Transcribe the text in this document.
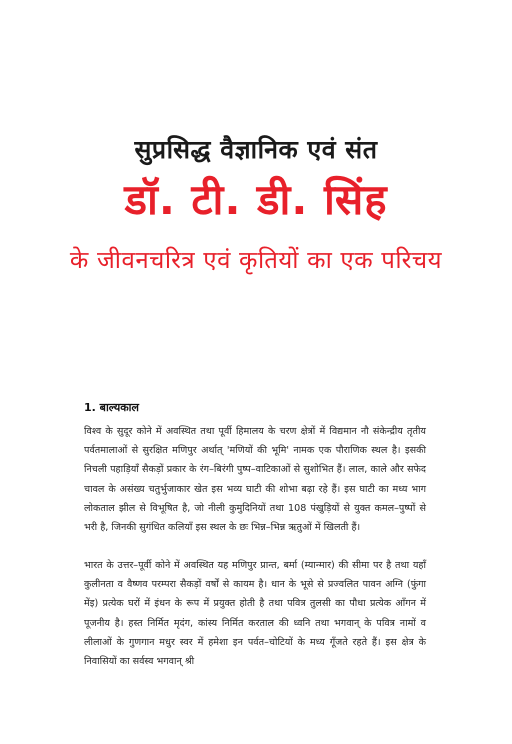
सुप्रसिद्ध वैज्ञानिक एवं संत
डॉ. टी. डी. सिंह
के जीवनचरित्र एवं कृतियों का एक परिचय
1. बाल्यकाल
विश्व के सुदूर कोने में अवस्थित तथा पूर्वी हिमालय के चरण क्षेत्रों में विद्यमान नौ संकेन्द्रीय तृतीय पर्वतमालाओं से सुरक्षित मणिपुर अर्थात् 'मणियों की भूमि' नामक एक पौराणिक स्थल है। इसकी निचली पहाड़ियाँ सैकड़ों प्रकार के रंग–बिरंगी पुष्प–वाटिकाओं से सुशोभित हैं। लाल, काले और सफेद चावल के असंख्य चतुर्भुजाकार खेत इस भव्य घाटी की शोभा बढ़ा रहे हैं। इस घाटी का मध्य भाग लोकताल झील से विभूषित है, जो नीली कुमुदिनियों तथा 108 पंखुड़ियों से युक्त कमल–पुष्पों से भरी है, जिनकी सुगंधित कलियाँ इस स्थल के छः भिन्न–भिन्न ऋतुओं में खिलती हैं।
भारत के उत्तर–पूर्वी कोने में अवस्थित यह मणिपुर प्रान्त, बर्मा (म्यान्मार) की सीमा पर है तथा यहाँ कुलीनता व वैष्णव परम्परा सैकड़ों वर्षों से कायम है। धान के भूसे से प्रज्वलित पावन अग्नि (फुंगा मेंइ) प्रत्येक घरों में इंधन के रूप में प्रयुक्त होती है तथा पवित्र तुलसी का पौधा प्रत्येक आँगन में पूजनीय है। हस्त निर्मित मृदंग, कांस्य निर्मित करताल की ध्वनि तथा भगवान् के पवित्र नामों व लीलाओं के गुणगान मधुर स्वर में हमेशा इन पर्वत–चोटियों के मध्य गूँजते रहते हैं। इस क्षेत्र के निवासियों का सर्वस्व भगवान् श्री
